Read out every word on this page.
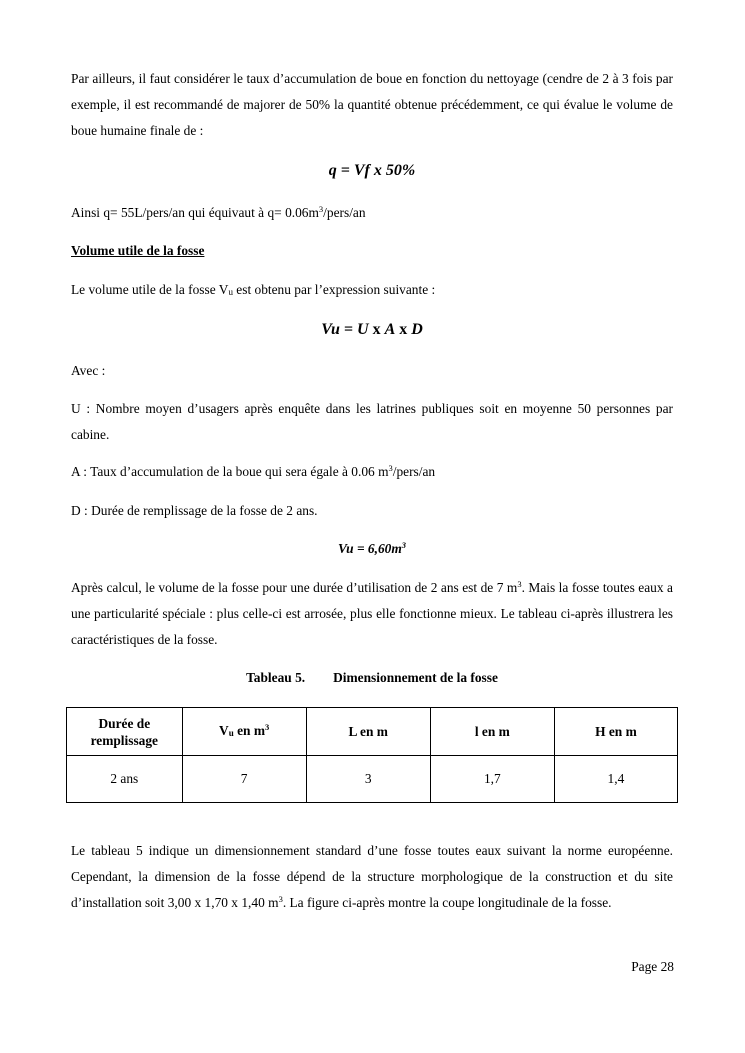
Par ailleurs, il faut considérer le taux d’accumulation de boue en fonction du nettoyage (cendre de 2 à 3 fois par exemple, il est recommandé de majorer de 50% la quantité obtenue précédemment, ce qui évalue le volume de boue humaine finale de :

q = Vf x 50%

Ainsi q= 55L/pers/an qui équivaut à $q= 0.06m^3/pers/an$

Volume utile de la fosse

Le volume utile de la fosse Vu est obtenu par l’expression suivante :

Vu = U x A x D

Avec :

U : Nombre moyen d’usagers après enquête dans les latrines publiques soit en moyenne 50 personnes par cabine.

A : Taux d’accumulation de la boue qui sera égale à 0.06 $m^3/pers/an$

D : Durée de remplissage de la fosse de 2 ans.

$Vu = 6,60m^3$

Après calcul, le volume de la fosse pour une durée d’utilisation de 2 ans est de 7 $m^3$. Mais la fosse toutes eaux a une particularité spéciale : plus celle-ci est arrosée, plus elle fonctionne mieux. Le tableau ci-après illustrera les caractéristiques de la fosse.

Tableau 5. Dimensionnement de la fosse

Durée de
remplissage	Vu en $m^3$	L en m	l en m	H en m
2 ans	7	3	1,7	1,4

Le tableau 5 indique un dimensionnement standard d’une fosse toutes eaux suivant la norme européenne. Cependant, la dimension de la fosse dépend de la structure morphologique de la construction et du site d’installation soit 3,00 x 1,70 x 1,40 $m^3$. La figure ci-après montre la coupe longitudinale de la fosse.

Page 28
